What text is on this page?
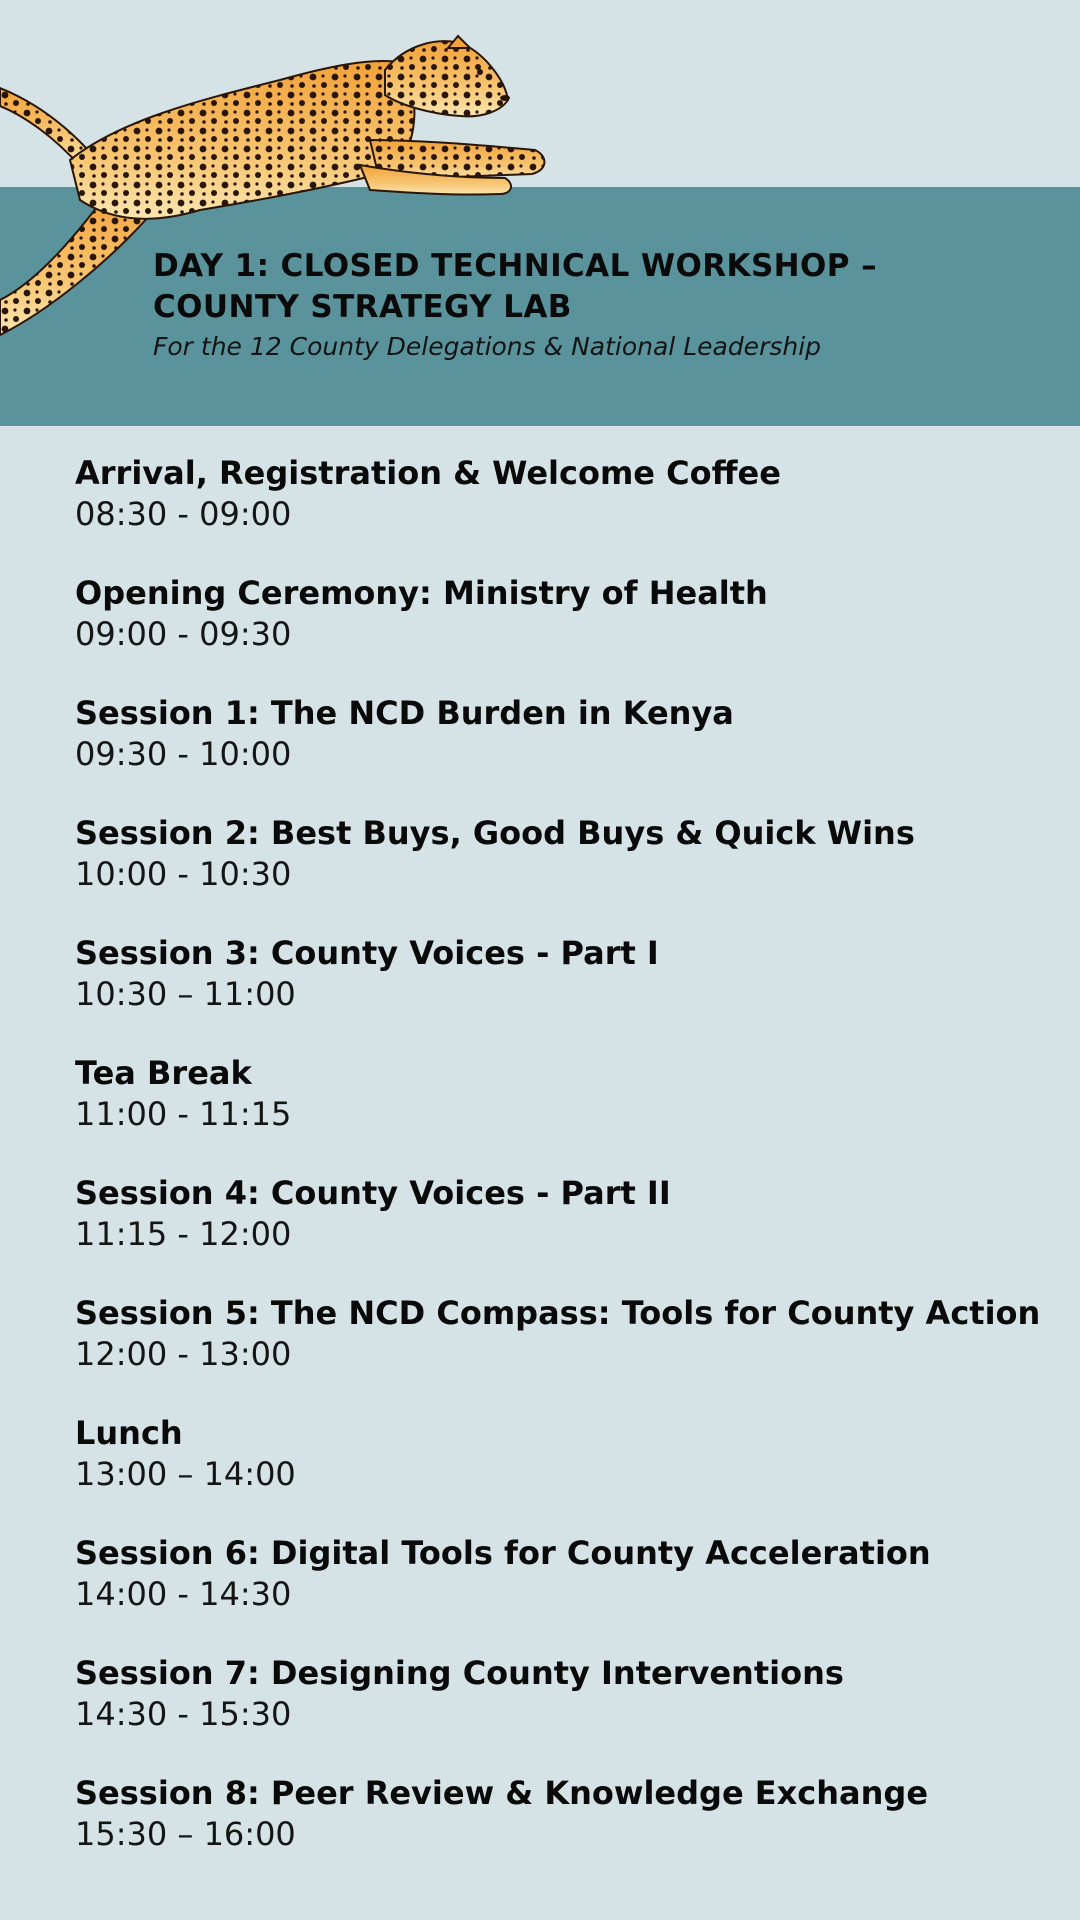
DAY 1: CLOSED TECHNICAL WORKSHOP –
COUNTY STRATEGY LAB

For the 12 County Delegations & National Leadership

Arrival, Registration & Welcome Coffee
08:30 - 09:00
Opening Ceremony: Ministry of Health
09:00 - 09:30
Session 1: The NCD Burden in Kenya
09:30 - 10:00
Session 2: Best Buys, Good Buys & Quick Wins
10:00 - 10:30
Session 3: County Voices - Part I
10:30 – 11:00
Tea Break
11:00 - 11:15
Session 4: County Voices - Part II
11:15 - 12:00
Session 5: The NCD Compass: Tools for County Action
12:00 - 13:00
Lunch
13:00 – 14:00
Session 6: Digital Tools for County Acceleration
14:00 - 14:30
Session 7: Designing County Interventions
14:30 - 15:30
Session 8: Peer Review & Knowledge Exchange
15:30 – 16:00
